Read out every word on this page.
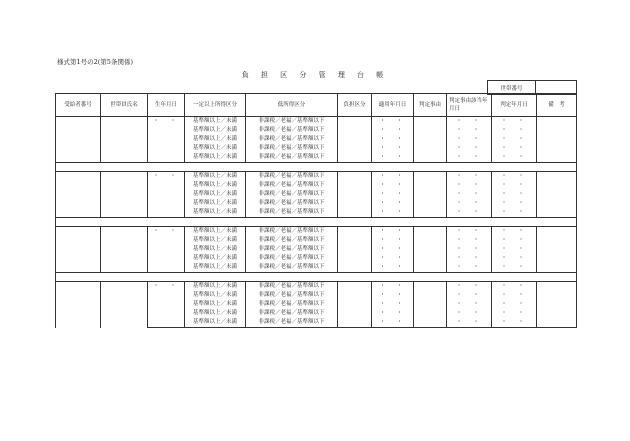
様式第1号の2(第5条関係)
負 担 区 分 管 理 台 帳
世帯番号	
受給者番号	世帯員氏名	生年月日	一定以上所得区分	低所得区分	負担区分	適用年月日	判定事由	判定事由該当年月日	判定年月日	備　考
		・　・	基準額以上／未満	非課税／老福／基準額以下		・　・		・　・	・　・	
			基準額以上／未満	非課税／老福／基準額以下		・　・		・　・	・　・	
			基準額以上／未満	非課税／老福／基準額以下		・　・		・　・	・　・	
			基準額以上／未満	非課税／老福／基準額以下		・　・		・　・	・　・	
			基準額以上／未満	非課税／老福／基準額以下		・　・		・　・	・　・	

		・　・	基準額以上／未満	非課税／老福／基準額以下		・　・		・　・	・　・	
			基準額以上／未満	非課税／老福／基準額以下		・　・		・　・	・　・	
			基準額以上／未満	非課税／老福／基準額以下		・　・		・　・	・　・	
			基準額以上／未満	非課税／老福／基準額以下		・　・		・　・	・　・	
			基準額以上／未満	非課税／老福／基準額以下		・　・		・　・	・　・	

		・　・	基準額以上／未満	非課税／老福／基準額以下		・　・		・　・	・　・	
			基準額以上／未満	非課税／老福／基準額以下		・　・		・　・	・　・	
			基準額以上／未満	非課税／老福／基準額以下		・　・		・　・	・　・	
			基準額以上／未満	非課税／老福／基準額以下		・　・		・　・	・　・	
			基準額以上／未満	非課税／老福／基準額以下		・　・		・　・	・　・	

		・　・	基準額以上／未満	非課税／老福／基準額以下		・　・		・　・	・　・	
			基準額以上／未満	非課税／老福／基準額以下		・　・		・　・	・　・	
			基準額以上／未満	非課税／老福／基準額以下		・　・		・　・	・　・	
			基準額以上／未満	非課税／老福／基準額以下		・　・		・　・	・　・	
			基準額以上／未満	非課税／老福／基準額以下		・　・		・　・	・　・	
